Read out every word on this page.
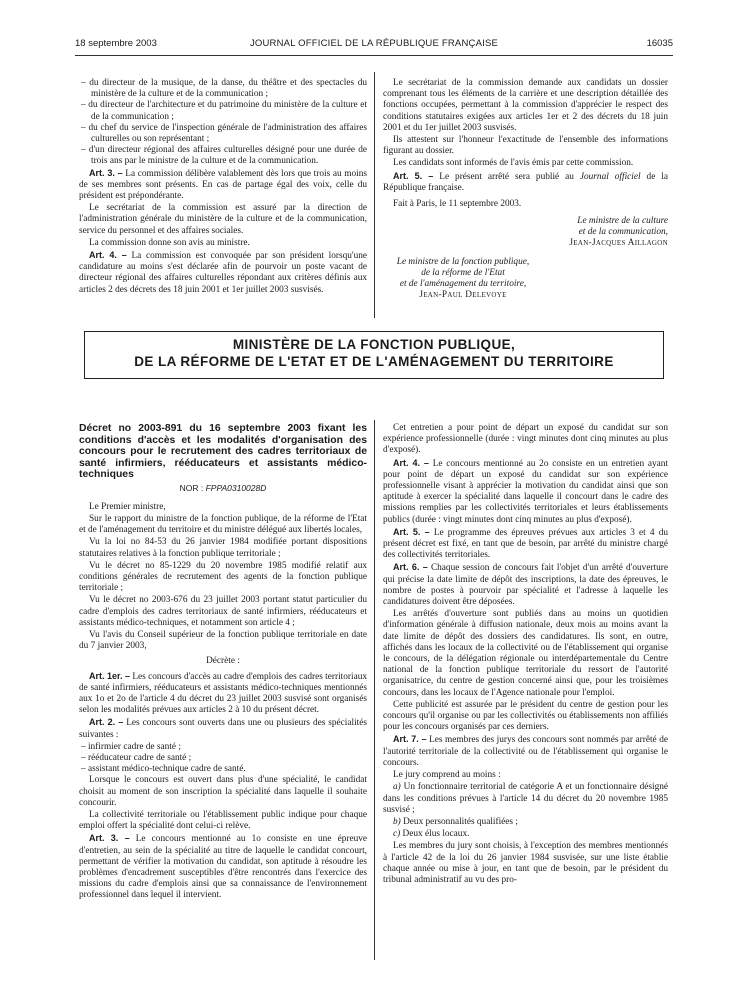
18 septembre 2003	JOURNAL OFFICIEL DE LA RÉPUBLIQUE FRANÇAISE	16035
– du directeur de la musique, de la danse, du théâtre et des spectacles du ministère de la culture et de la communication ;
– du directeur de l'architecture et du patrimoine du ministère de la culture et de la communication ;
– du chef du service de l'inspection générale de l'administration des affaires culturelles ou son représentant ;
– d'un directeur régional des affaires culturelles désigné pour une durée de trois ans par le ministre de la culture et de la communication.

Art. 3. – La commission délibère valablement dès lors que trois au moins de ses membres sont présents. En cas de partage égal des voix, celle du président est prépondérante.

Le secrétariat de la commission est assuré par la direction de l'administration générale du ministère de la culture et de la communication, service du personnel et des affaires sociales.

La commission donne son avis au ministre.

Art. 4. – La commission est convoquée par son président lorsqu'une candidature au moins s'est déclarée afin de pourvoir un poste vacant de directeur régional des affaires culturelles répondant aux critères définis aux articles 2 des décrets des 18 juin 2001 et 1er juillet 2003 susvisés.

Le secrétariat de la commission demande aux candidats un dossier comprenant tous les éléments de la carrière et une description détaillée des fonctions occupées, permettant à la commission d'apprécier le respect des conditions statutaires exigées aux articles 1er et 2 des décrets du 18 juin 2001 et du 1er juillet 2003 susvisés.

Ils attestent sur l'honneur l'exactitude de l'ensemble des informations figurant au dossier.

Les candidats sont informés de l'avis émis par cette commission.

Art. 5. – Le présent arrêté sera publié au Journal officiel de la République française.

Fait à Paris, le 11 septembre 2003.

Le ministre de la culture
et de la communication,
Jean-Jacques Aillagon
Le ministre de la fonction publique,
de la réforme de l'Etat
et de l'aménagement du territoire,
Jean-Paul Delevoye
MINISTÈRE DE LA FONCTION PUBLIQUE,
DE LA RÉFORME DE L'ETAT ET DE L'AMÉNAGEMENT DU TERRITOIRE
Décret no 2003-891 du 16 septembre 2003 fixant les conditions d'accès et les modalités d'organisation des concours pour le recrutement des cadres territoriaux de santé infirmiers, rééducateurs et assistants médico-techniques
NOR : FPPA0310028D

Le Premier ministre,

Sur le rapport du ministre de la fonction publique, de la réforme de l'Etat et de l'aménagement du territoire et du ministre délégué aux libertés locales,

Vu la loi no 84-53 du 26 janvier 1984 modifiée portant dispositions statutaires relatives à la fonction publique territoriale ;

Vu le décret no 85-1229 du 20 novembre 1985 modifié relatif aux conditions générales de recrutement des agents de la fonction publique territoriale ;

Vu le décret no 2003-676 du 23 juillet 2003 portant statut particulier du cadre d'emplois des cadres territoriaux de santé infirmiers, rééducateurs et assistants médico-techniques, et notamment son article 4 ;

Vu l'avis du Conseil supérieur de la fonction publique territoriale en date du 7 janvier 2003,

Décrète :

Art. 1er. – Les concours d'accès au cadre d'emplois des cadres territoriaux de santé infirmiers, rééducateurs et assistants médico-techniques mentionnés aux 1o et 2o de l'article 4 du décret du 23 juillet 2003 susvisé sont organisés selon les modalités prévues aux articles 2 à 10 du présent décret.

Art. 2. – Les concours sont ouverts dans une ou plusieurs des spécialités suivantes :

– infirmier cadre de santé ;
– rééducateur cadre de santé ;
– assistant médico-technique cadre de santé.

Lorsque le concours est ouvert dans plus d'une spécialité, le candidat choisit au moment de son inscription la spécialité dans laquelle il souhaite concourir.

La collectivité territoriale ou l'établissement public indique pour chaque emploi offert la spécialité dont celui-ci relève.

Art. 3. – Le concours mentionné au 1o consiste en une épreuve d'entretien, au sein de la spécialité au titre de laquelle le candidat concourt, permettant de vérifier la motivation du candidat, son aptitude à résoudre les problèmes d'encadrement susceptibles d'être rencontrés dans l'exercice des missions du cadre d'emplois ainsi que sa connaissance de l'environnement professionnel dans lequel il intervient.

Cet entretien a pour point de départ un exposé du candidat sur son expérience professionnelle (durée : vingt minutes dont cinq minutes au plus d'exposé).

Art. 4. – Le concours mentionné au 2o consiste en un entretien ayant pour point de départ un exposé du candidat sur son expérience professionnelle visant à apprécier la motivation du candidat ainsi que son aptitude à exercer la spécialité dans laquelle il concourt dans le cadre des missions remplies par les collectivités territoriales et leurs établissements publics (durée : vingt minutes dont cinq minutes au plus d'exposé).

Art. 5. – Le programme des épreuves prévues aux articles 3 et 4 du présent décret est fixé, en tant que de besoin, par arrêté du ministre chargé des collectivités territoriales.

Art. 6. – Chaque session de concours fait l'objet d'un arrêté d'ouverture qui précise la date limite de dépôt des inscriptions, la date des épreuves, le nombre de postes à pourvoir par spécialité et l'adresse à laquelle les candidatures doivent être déposées.

Les arrêtés d'ouverture sont publiés dans au moins un quotidien d'information générale à diffusion nationale, deux mois au moins avant la date limite de dépôt des dossiers des candidatures. Ils sont, en outre, affichés dans les locaux de la collectivité ou de l'établissement qui organise le concours, de la délégation régionale ou interdépartementale du Centre national de la fonction publique territoriale du ressort de l'autorité organisatrice, du centre de gestion concerné ainsi que, pour les troisièmes concours, dans les locaux de l'Agence nationale pour l'emploi.

Cette publicité est assurée par le président du centre de gestion pour les concours qu'il organise ou par les collectivités ou établissements non affiliés pour les concours organisés par ces derniers.

Art. 7. – Les membres des jurys des concours sont nommés par arrêté de l'autorité territoriale de la collectivité ou de l'établissement qui organise le concours.

Le jury comprend au moins :

a) Un fonctionnaire territorial de catégorie A et un fonctionnaire désigné dans les conditions prévues à l'article 14 du décret du 20 novembre 1985 susvisé ;

b) Deux personnalités qualifiées ;

c) Deux élus locaux.

Les membres du jury sont choisis, à l'exception des membres mentionnés à l'article 42 de la loi du 26 janvier 1984 susvisée, sur une liste établie chaque année ou mise à jour, en tant que de besoin, par le président du tribunal administratif au vu des pro-
